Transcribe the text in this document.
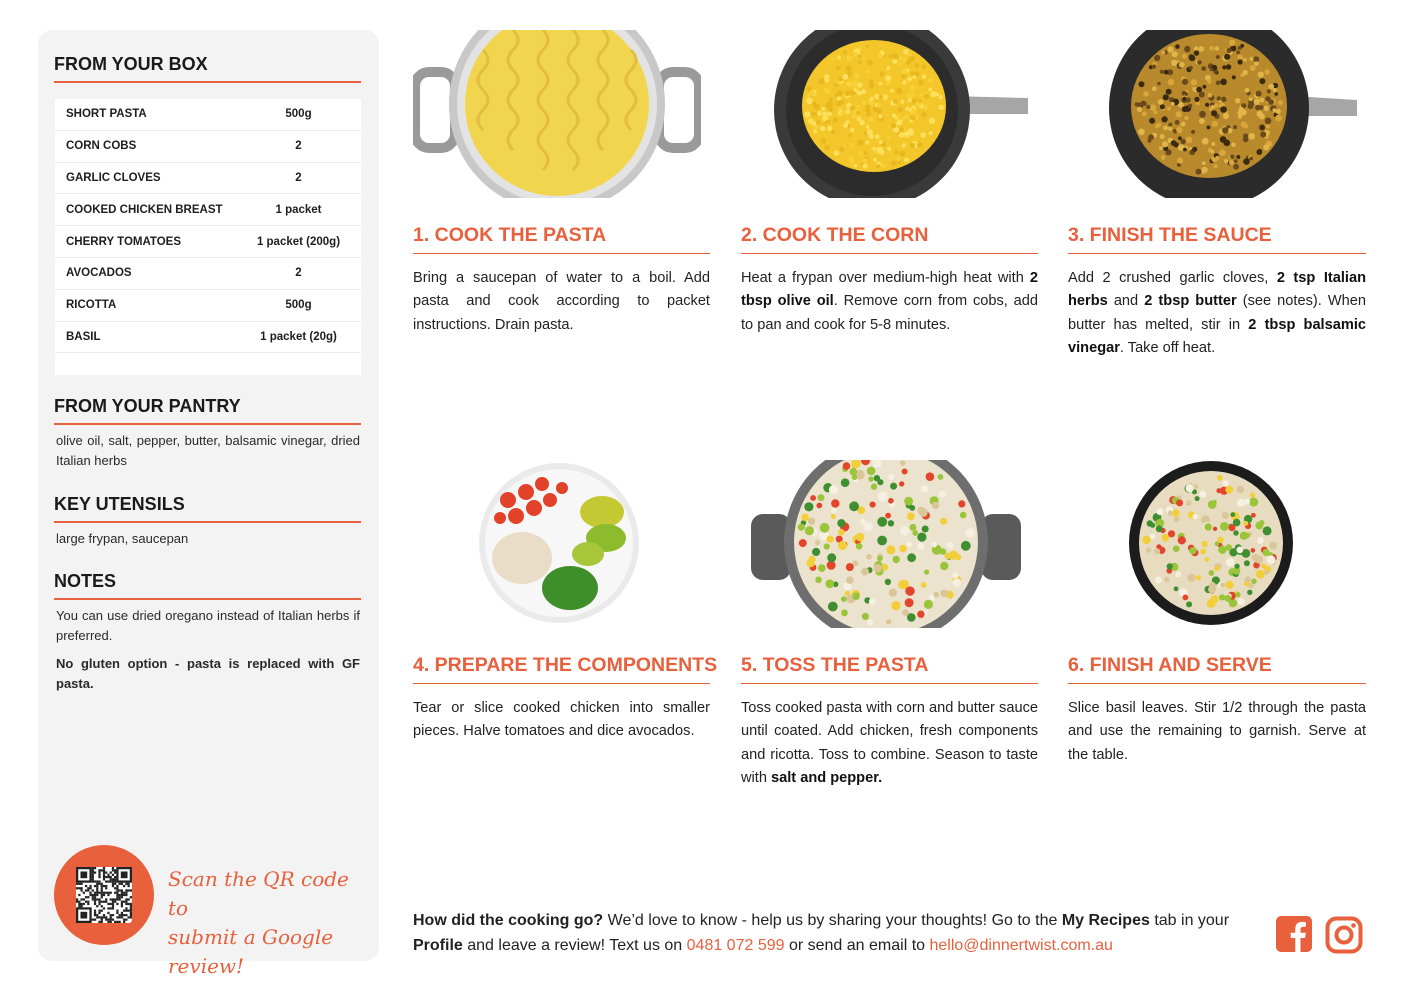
FROM YOUR BOX
SHORT PASTA	500g
CORN COBS	2
GARLIC CLOVES	2
COOKED CHICKEN BREAST	1 packet
CHERRY TOMATOES	1 packet (200g)
AVOCADOS	2
RICOTTA	500g
BASIL	1 packet (20g)
FROM YOUR PANTRY
olive oil, salt, pepper, butter, balsamic vinegar, dried Italian herbs
KEY UTENSILS
large frypan, saucepan
NOTES
You can use dried oregano instead of Italian herbs if preferred.
No gluten option - pasta is replaced with GF pasta.
Scan the QR code to
submit a Google review!
1. COOK THE PASTA
Bring a saucepan of water to a boil. Add pasta and cook according to packet instructions. Drain pasta.
2. COOK THE CORN
Heat a frypan over medium-high heat with 2 tbsp olive oil. Remove corn from cobs, add to pan and cook for 5-8 minutes.
3. FINISH THE SAUCE
Add 2 crushed garlic cloves, 2 tsp Italian herbs and 2 tbsp butter (see notes). When butter has melted, stir in 2 tbsp balsamic vinegar. Take off heat.
4. PREPARE THE COMPONENTS
Tear or slice cooked chicken into smaller pieces. Halve tomatoes and dice avocados.
5. TOSS THE PASTA
Toss cooked pasta with corn and butter sauce until coated. Add chicken, fresh components and ricotta. Toss to combine. Season to taste with salt and pepper.
6. FINISH AND SERVE
Slice basil leaves. Stir 1/2 through the pasta and use the remaining to garnish. Serve at the table.
How did the cooking go? We’d love to know - help us by sharing your thoughts! Go to the My Recipes tab in your Profile and leave a review! Text us on 0481 072 599 or send an email to hello@dinnertwist.com.au
